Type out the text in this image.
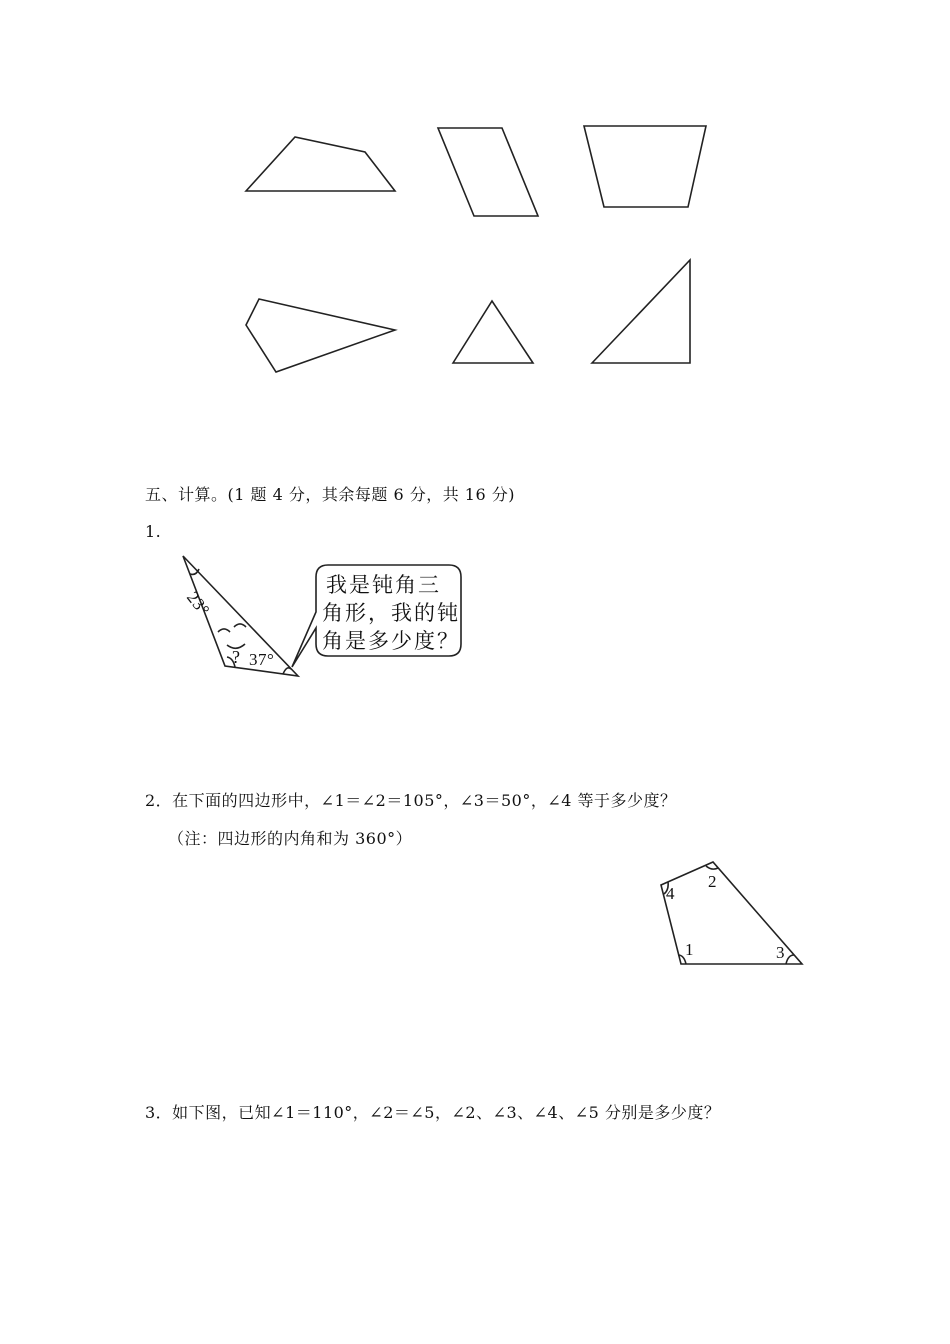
五、计算。(1 题 4 分，其余每题 6 分，共 16 分)
1.
23°
? 37°
我是钝角三
角形，我的钝
角是多少度？
2．在下面的四边形中，∠1＝∠2＝105°，∠3＝50°，∠4 等于多少度？
（注：四边形的内角和为 360°）
1
2
3
4
3．如下图，已知∠1＝110°，∠2＝∠5，∠2、∠3、∠4、∠5 分别是多少度？
